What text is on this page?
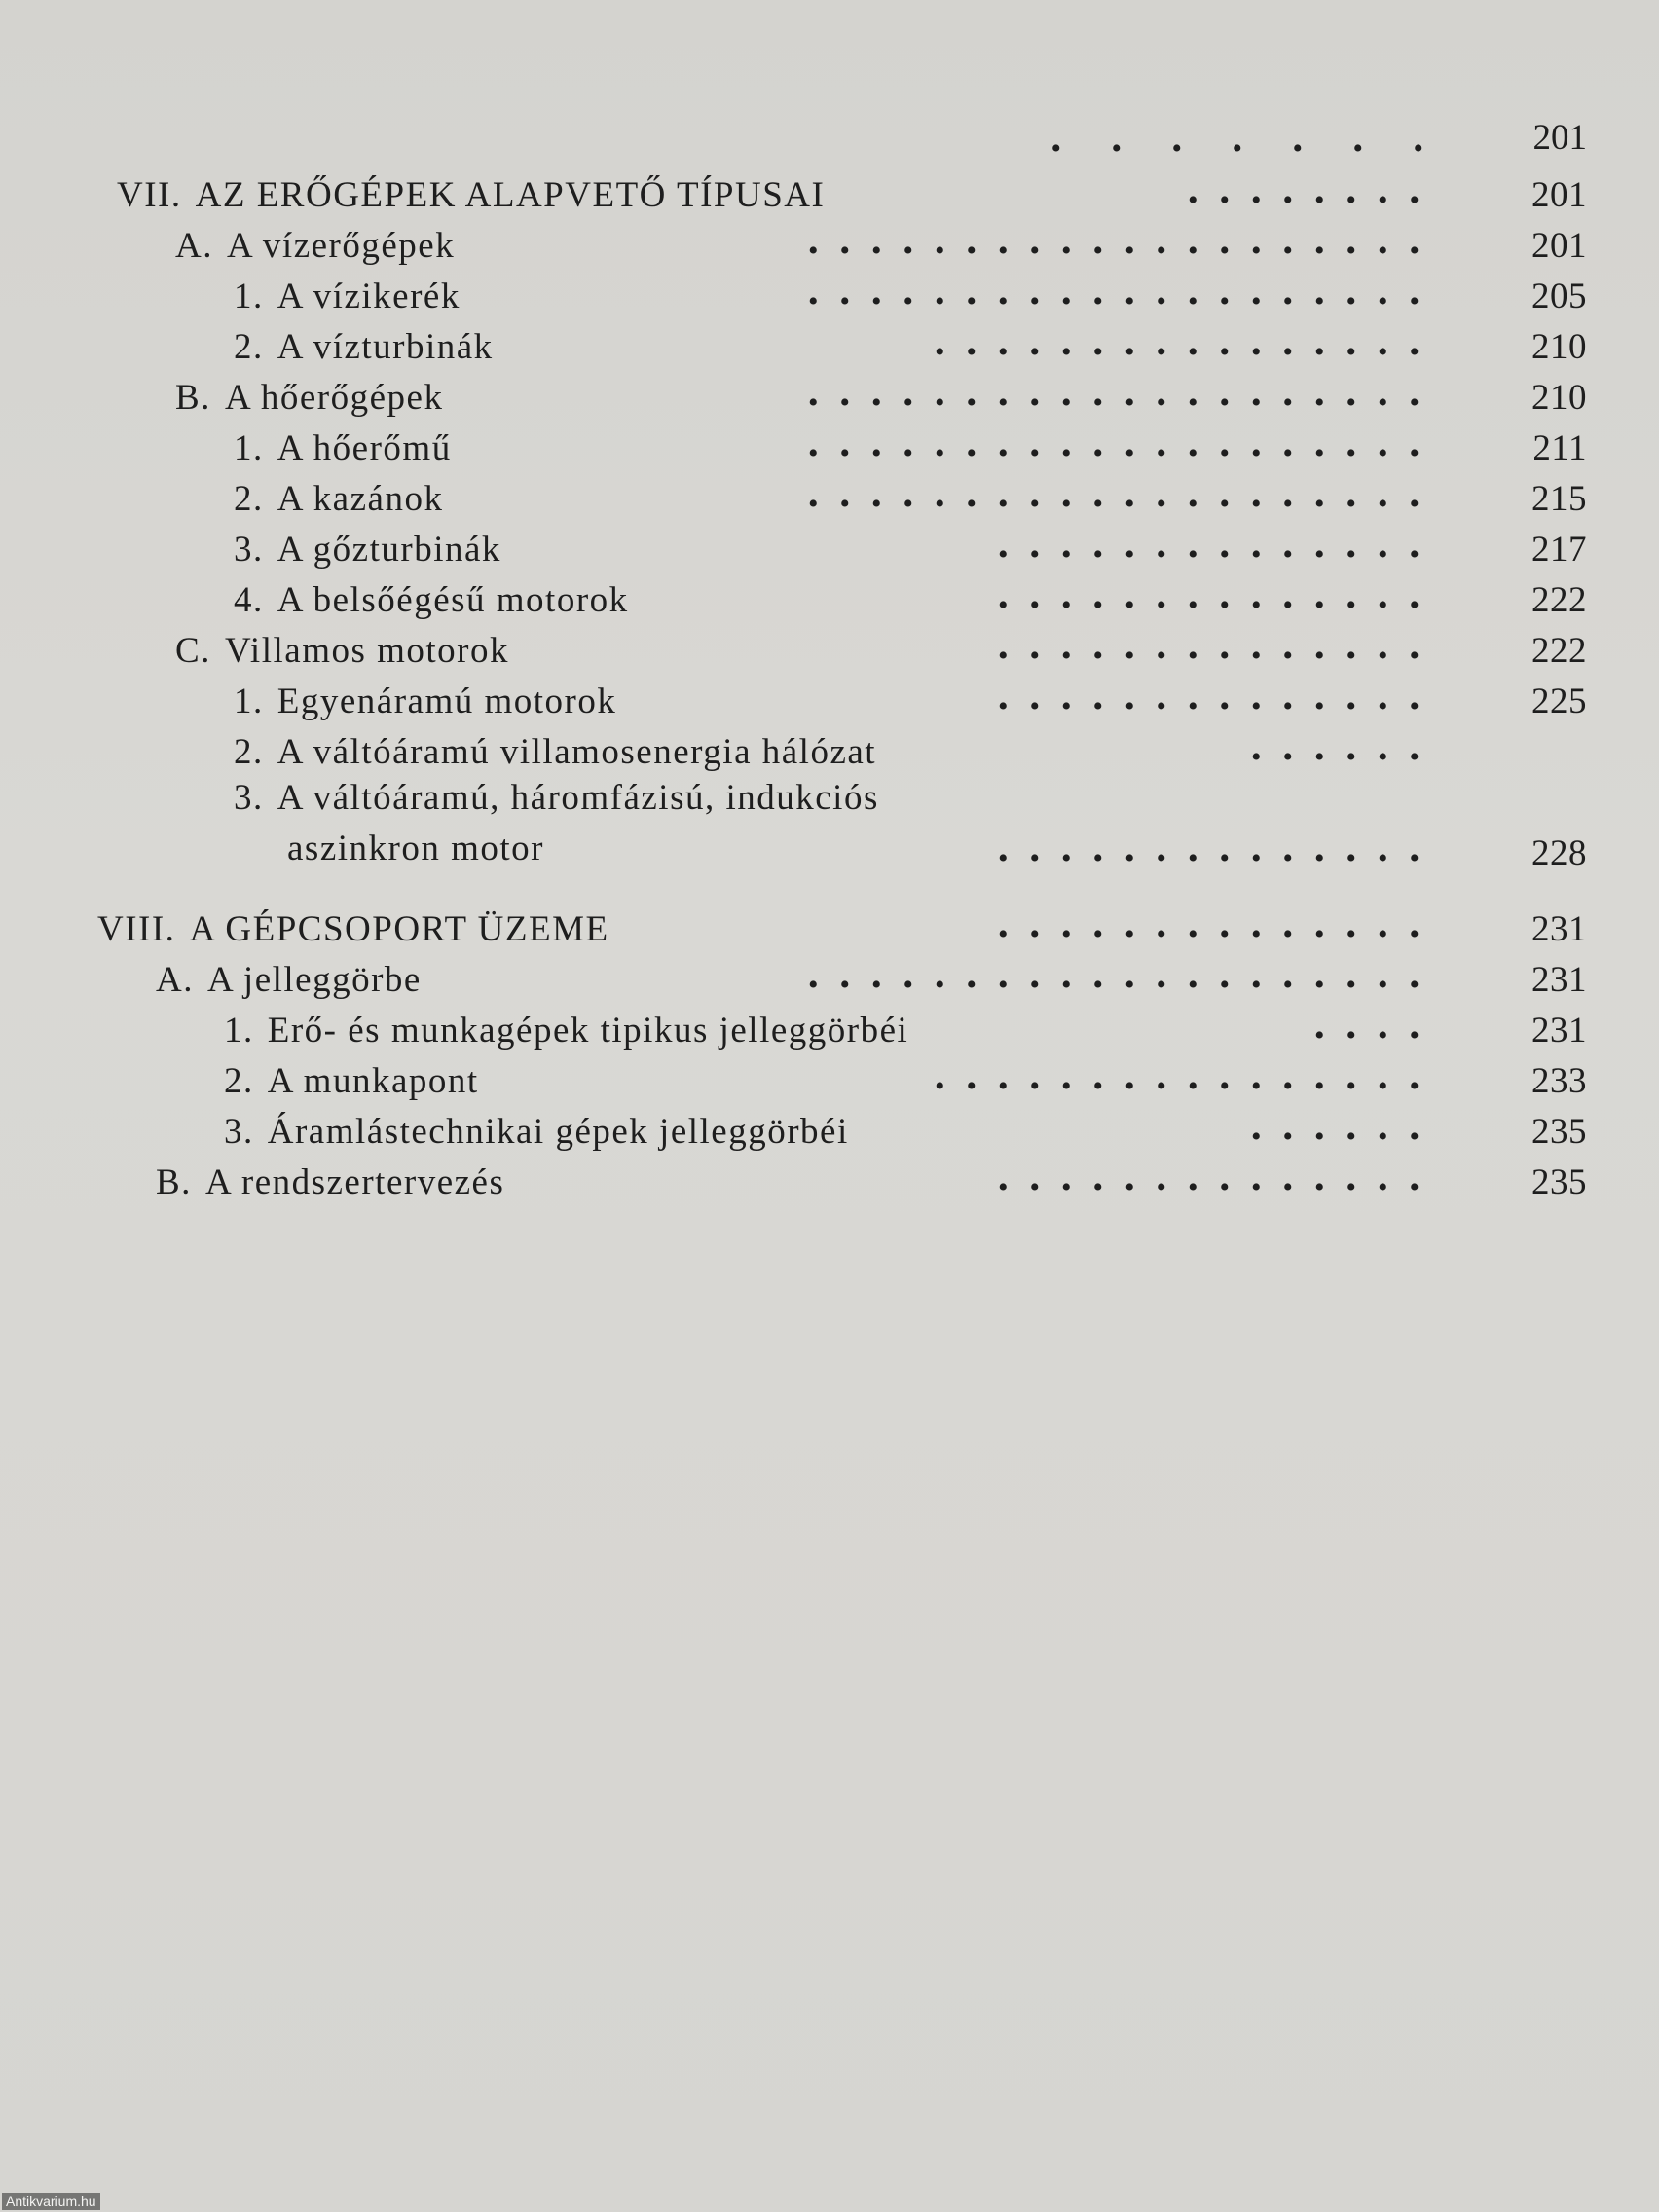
• • • • • • • 201
VII. AZ ERŐGÉPEK ALAPVETŐ TÍPUSAI	••••••••	201
A. A vízerőgépek	••••••••••••••••••••	201
1. A vízikerék	••••••••••••••••••••	205
2. A vízturbinák	••••••••••••••••	210
B. A hőerőgépek	••••••••••••••••••••	210
1. A hőerőmű	••••••••••••••••••••	211
2. A kazánok	••••••••••••••••••••	215
3. A gőzturbinák	••••••••••••••	217
4. A belsőégésű motorok	••••••••••••••	222
C. Villamos motorok	••••••••••••••	222
1. Egyenáramú motorok	••••••••••••••	225
2. A váltóáramú villamosenergia hálózat	••••••
3. A váltóáramú, háromfázisú, indukciós
aszinkron motor	••••••••••••••	228
VIII. A GÉPCSOPORT ÜZEME	••••••••••••••	231
A. A jelleggörbe	••••••••••••••••••••	231
1. Erő- és munkagépek tipikus jelleggörbéi	••••	231
2. A munkapont	••••••••••••••••	233
3. Áramlástechnikai gépek jelleggörbéi	••••••	235
B. A rendszertervezés	••••••••••••••	235
Antikvarium.hu
